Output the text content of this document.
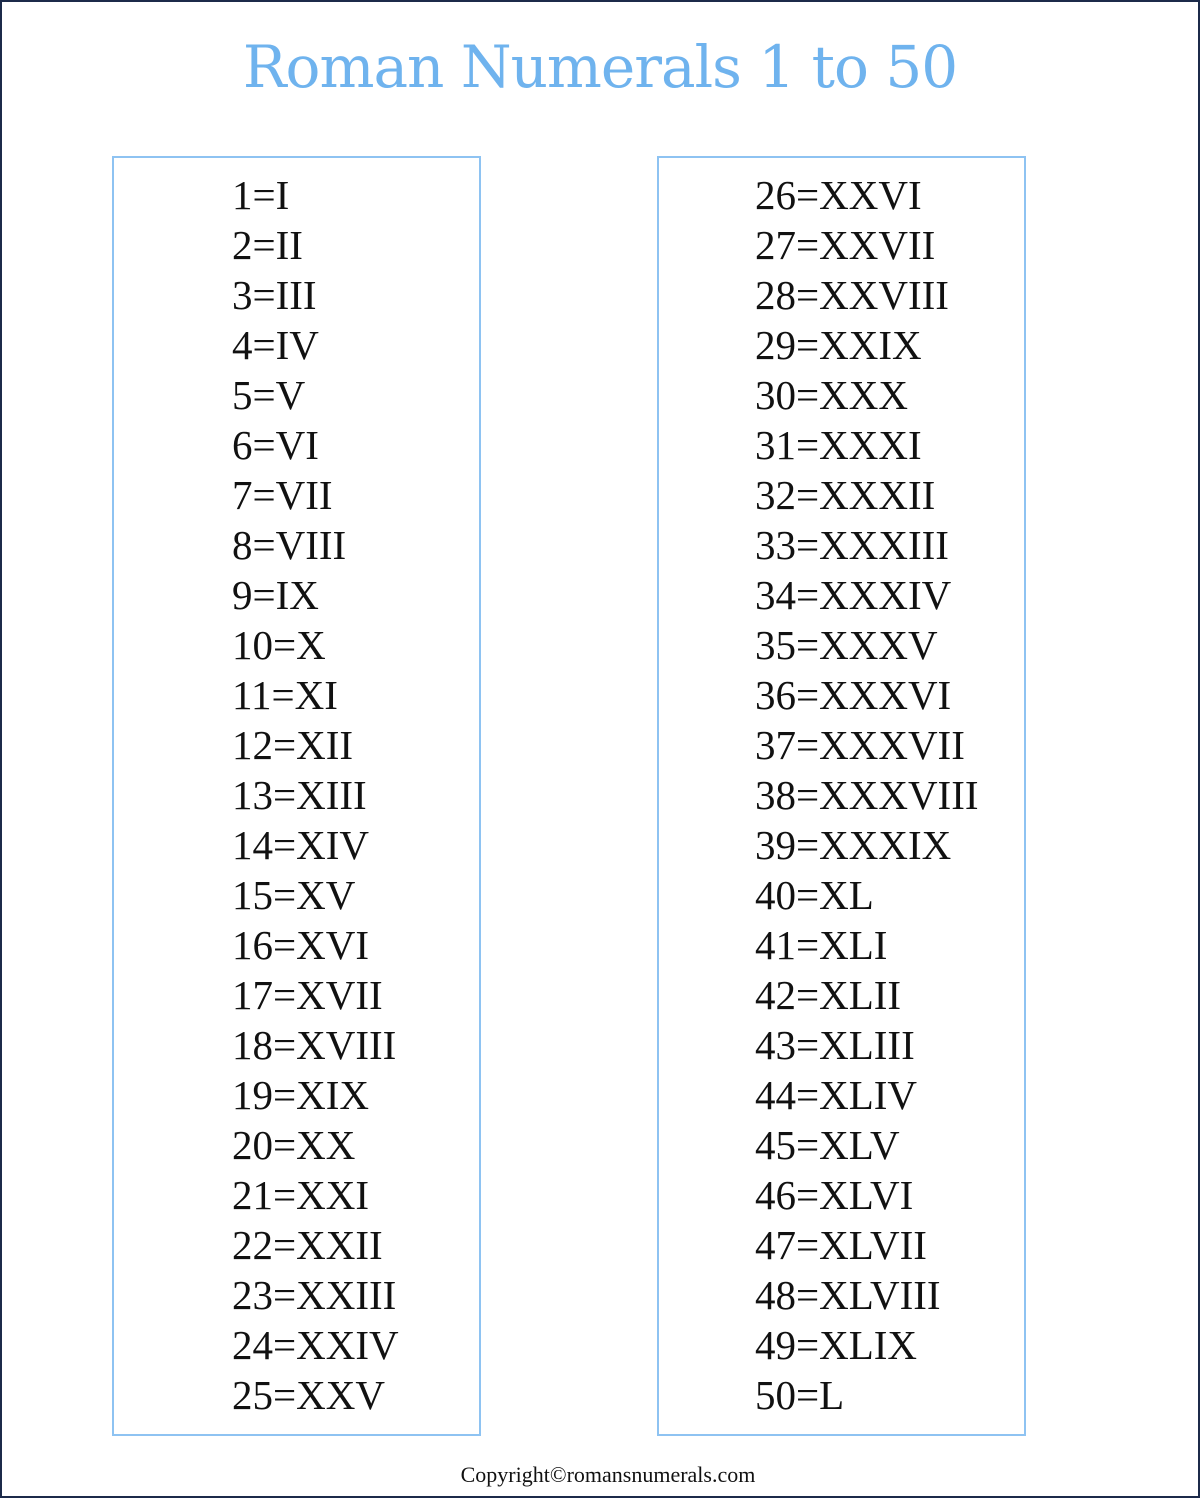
Roman Numerals 1 to 50
1=I
2=II
3=III
4=IV
5=V
6=VI
7=VII
8=VIII
9=IX
10=X
11=XI
12=XII
13=XIII
14=XIV
15=XV
16=XVI
17=XVII
18=XVIII
19=XIX
20=XX
21=XXI
22=XXII
23=XXIII
24=XXIV
25=XXV
26=XXVI
27=XXVII
28=XXVIII
29=XXIX
30=XXX
31=XXXI
32=XXXII
33=XXXIII
34=XXXIV
35=XXXV
36=XXXVI
37=XXXVII
38=XXXVIII
39=XXXIX
40=XL
41=XLI
42=XLII
43=XLIII
44=XLIV
45=XLV
46=XLVI
47=XLVII
48=XLVIII
49=XLIX
50=L
Copyright©romansnumerals.com
